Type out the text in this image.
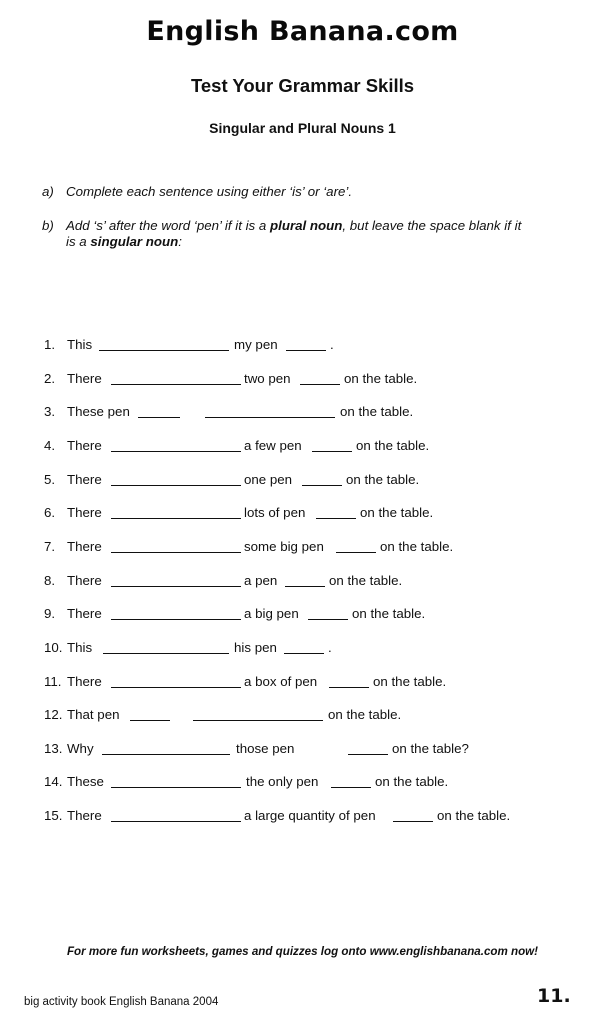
English Banana.com
Test Your Grammar Skills
Singular and Plural Nouns 1
a) Complete each sentence using either ‘is’ or ‘are’.
b) Add ‘s’ after the word ‘pen’ if it is a plural noun, but leave the space blank if it
is a singular noun:
1. This	my pen	.
2. There	two pen	on the table.
3. These pen	on the table.
4. There	a few pen	on the table.
5. There	one pen	on the table.
6. There	lots of pen	on the table.
7. There	some big pen	on the table.
8. There	a pen	on the table.
9. There	a big pen	on the table.
10. This	his pen	.
11. There	a box of pen	on the table.
12. That pen	on the table.
13. Why	those pen	on the table?
14. These	the only pen	on the table.
15. There	a large quantity of pen	on the table.
For more fun worksheets, games and quizzes log onto www.englishbanana.com now!
big activity book English Banana 2004	11.
